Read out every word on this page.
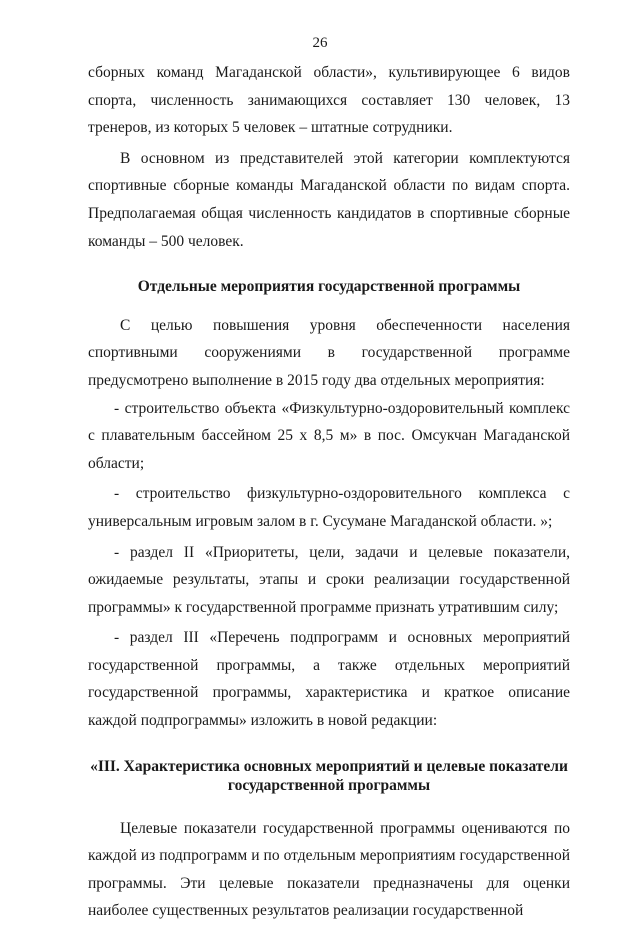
26

сборных команд Магаданской области», культивирующее 6 видов спорта, численность занимающихся составляет 130 человек, 13 тренеров, из которых 5 человек – штатные сотрудники.

В основном из представителей этой категории комплектуются спортивные сборные команды Магаданской области по видам спорта. Предполагаемая общая численность кандидатов в спортивные сборные команды – 500 человек.

Отдельные мероприятия государственной программы

С целью повышения уровня обеспеченности населения спортивными сооружениями в государственной программе предусмотрено выполнение в 2015 году два отдельных мероприятия:

- строительство объекта «Физкультурно-оздоровительный комплекс с плавательным бассейном 25 х 8,5 м» в пос. Омсукчан Магаданской области;

- строительство физкультурно-оздоровительного комплекса с универсальным игровым залом в г. Сусумане Магаданской области. »;

- раздел II «Приоритеты, цели, задачи и целевые показатели, ожидаемые результаты, этапы и сроки реализации государственной программы» к государственной программе признать утратившим силу;

- раздел III «Перечень подпрограмм и основных мероприятий государственной программы, а также отдельных мероприятий государственной программы, характеристика и краткое описание каждой подпрограммы» изложить в новой редакции:

«III. Характеристика основных мероприятий и целевые показатели государственной программы

Целевые показатели государственной программы оцениваются по каждой из подпрограмм и по отдельным мероприятиям государственной программы. Эти целевые показатели предназначены для оценки наиболее существенных результатов реализации государственной
